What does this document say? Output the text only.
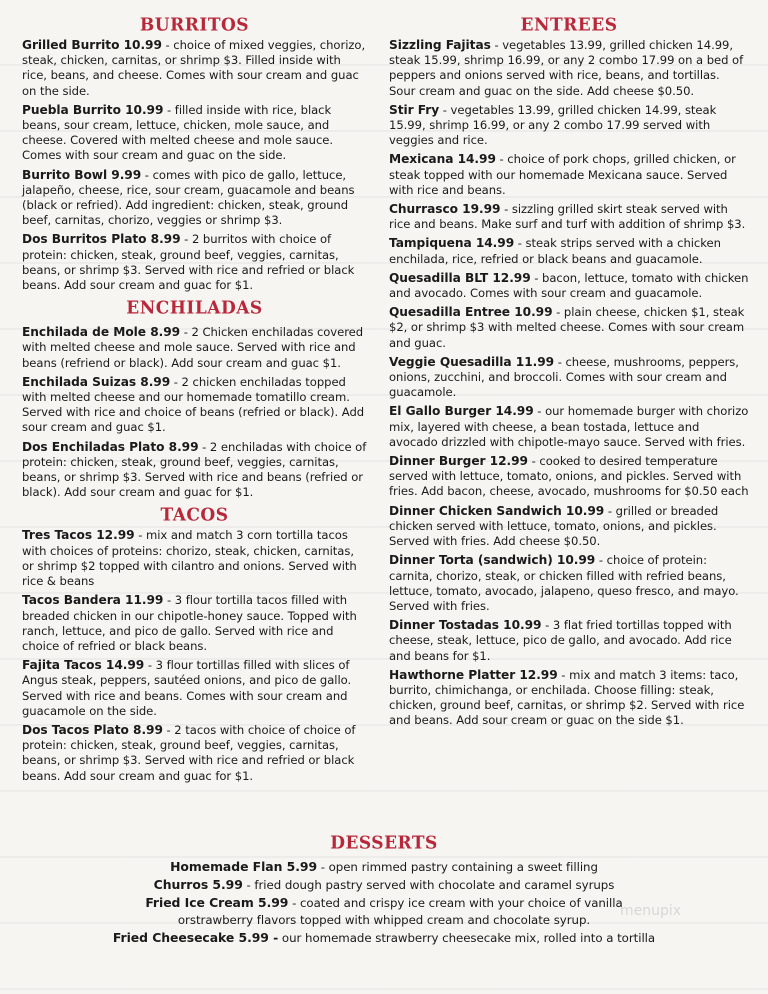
BURRITOS
Grilled Burrito 10.99 - choice of mixed veggies, chorizo, steak, chicken, carnitas, or shrimp $3. Filled inside with rice, beans, and cheese. Comes with sour cream and guac on the side.
Puebla Burrito 10.99 - filled inside with rice, black beans, sour cream, lettuce, chicken, mole sauce, and cheese. Covered with melted cheese and mole sauce. Comes with sour cream and guac on the side.
Burrito Bowl 9.99 - comes with pico de gallo, lettuce, jalapeño, cheese, rice, sour cream, guacamole and beans (black or refried). Add ingredient: chicken, steak, ground beef, carnitas, chorizo, veggies or shrimp $3.
Dos Burritos Plato 8.99 - 2 burritos with choice of protein: chicken, steak, ground beef, veggies, carnitas, beans, or shrimp $3. Served with rice and refried or black beans. Add sour cream and guac for $1.
ENCHILADAS
Enchilada de Mole 8.99 - 2 Chicken enchiladas covered with melted cheese and mole sauce. Served with rice and beans (refriend or black). Add sour cream and guac $1.
Enchilada Suizas 8.99 - 2 chicken enchiladas topped with melted cheese and our homemade tomatillo cream. Served with rice and choice of beans (refried or black). Add sour cream and guac $1.
Dos Enchiladas Plato 8.99 - 2 enchiladas with choice of protein: chicken, steak, ground beef, veggies, carnitas, beans, or shrimp $3. Served with rice and beans (refried or black). Add sour cream and guac for $1.
TACOS
Tres Tacos 12.99 - mix and match 3 corn tortilla tacos with choices of proteins: chorizo, steak, chicken, carnitas, or shrimp $2 topped with cilantro and onions. Served with rice & beans
Tacos Bandera 11.99 - 3 flour tortilla tacos filled with breaded chicken in our chipotle-honey sauce. Topped with ranch, lettuce, and pico de gallo. Served with rice and choice of refried or black beans.
Fajita Tacos 14.99 - 3 flour tortillas filled with slices of Angus steak, peppers, sautéed onions, and pico de gallo. Served with rice and beans. Comes with sour cream and guacamole on the side.
Dos Tacos Plato 8.99 - 2 tacos with choice of choice of protein: chicken, steak, ground beef, veggies, carnitas, beans, or shrimp $3. Served with rice and refried or black beans. Add sour cream and guac for $1.
ENTREES
Sizzling Fajitas - vegetables 13.99, grilled chicken 14.99, steak 15.99, shrimp 16.99, or any 2 combo 17.99 on a bed of peppers and onions served with rice, beans, and tortillas. Sour cream and guac on the side. Add cheese $0.50.
Stir Fry - vegetables 13.99, grilled chicken 14.99, steak 15.99, shrimp 16.99, or any 2 combo 17.99 served with veggies and rice.
Mexicana 14.99 - choice of pork chops, grilled chicken, or steak topped with our homemade Mexicana sauce. Served with rice and beans.
Churrasco 19.99 - sizzling grilled skirt steak served with rice and beans. Make surf and turf with addition of shrimp $3.
Tampiquena 14.99 - steak strips served with a chicken enchilada, rice, refried or black beans and guacamole.
Quesadilla BLT 12.99 - bacon, lettuce, tomato with chicken and avocado. Comes with sour cream and guacamole.
Quesadilla Entree 10.99 - plain cheese, chicken $1, steak $2, or shrimp $3 with melted cheese. Comes with sour cream and guac.
Veggie Quesadilla 11.99 - cheese, mushrooms, peppers, onions, zucchini, and broccoli. Comes with sour cream and guacamole.
El Gallo Burger 14.99 - our homemade burger with chorizo mix, layered with cheese, a bean tostada, lettuce and avocado drizzled with chipotle-mayo sauce. Served with fries.
Dinner Burger 12.99 - cooked to desired temperature served with lettuce, tomato, onions, and pickles. Served with fries. Add bacon, cheese, avocado, mushrooms for $0.50 each
Dinner Chicken Sandwich 10.99 - grilled or breaded chicken served with lettuce, tomato, onions, and pickles. Served with fries. Add cheese $0.50.
Dinner Torta (sandwich) 10.99 - choice of protein: carnita, chorizo, steak, or chicken filled with refried beans, lettuce, tomato, avocado, jalapeno, queso fresco, and mayo. Served with fries.
Dinner Tostadas 10.99 - 3 flat fried tortillas topped with cheese, steak, lettuce, pico de gallo, and avocado. Add rice and beans for $1.
Hawthorne Platter 12.99 - mix and match 3 items: taco, burrito, chimichanga, or enchilada. Choose filling: steak, chicken, ground beef, carnitas, or shrimp $2. Served with rice and beans. Add sour cream or guac on the side $1.
DESSERTS
Homemade Flan 5.99 - open rimmed pastry containing a sweet filling
Churros 5.99 - fried dough pastry served with chocolate and caramel syrups
Fried Ice Cream 5.99 - coated and crispy ice cream with your choice of vanilla orstrawberry flavors topped with whipped cream and chocolate syrup.
Fried Cheesecake 5.99 - our homemade strawberry cheesecake mix, rolled into a tortilla
menupix
